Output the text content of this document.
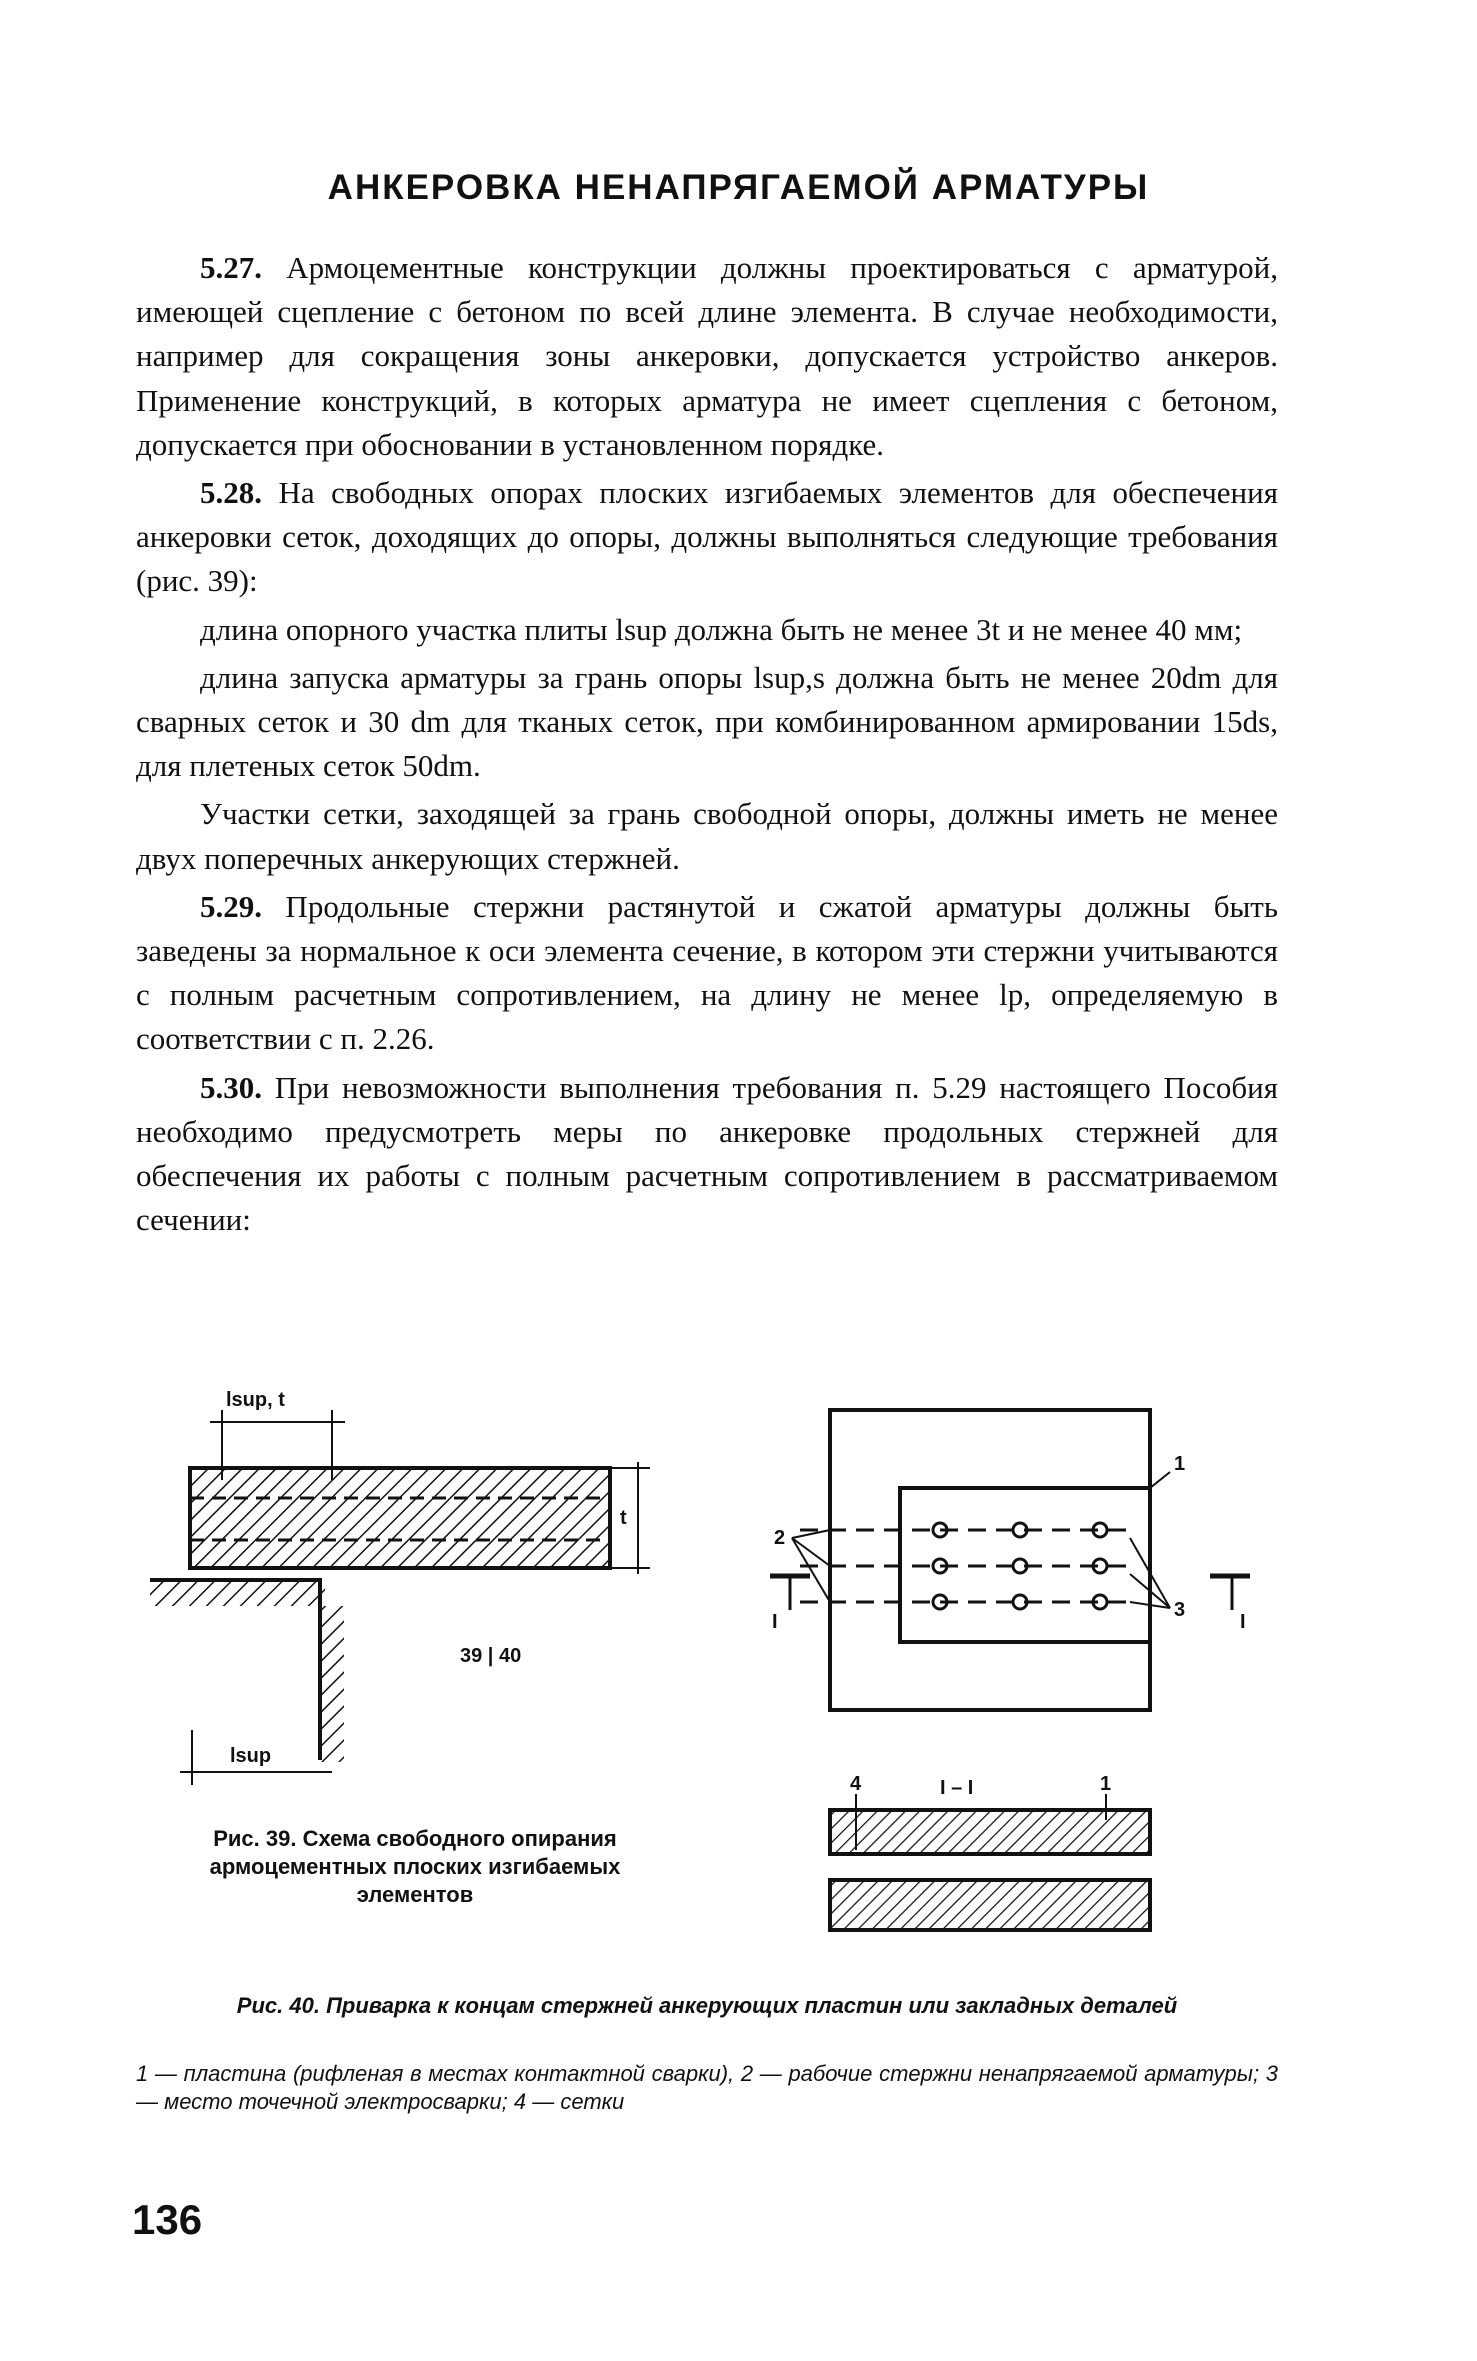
АНКЕРОВКА НЕНАПРЯГАЕМОЙ АРМАТУРЫ

5.27. Армоцементные конструкции должны проектироваться с арматурой, имеющей сцепление с бетоном по всей длине элемента. В случае необходимости, например для сокращения зоны анкеровки, допускается устройство анкеров. Применение конструкций, в которых арматура не имеет сцепления с бетоном, допускается при обосновании в установленном порядке.

5.28. На свободных опорах плоских изгибаемых элементов для обеспечения анкеровки сеток, доходящих до опоры, должны выполняться следующие требования (рис. 39):

длина опорного участка плиты lsup должна быть не менее 3t и не менее 40 мм;

длина запуска арматуры за грань опоры lsup,s должна быть не менее 20dm для сварных сеток и 30 dm для тканых сеток, при комбинированном армировании 15ds, для плетеных сеток 50dm.

Участки сетки, заходящей за грань свободной опоры, должны иметь не менее двух поперечных анкерующих стержней.

5.29. Продольные стержни растянутой и сжатой арматуры должны быть заведены за нормальное к оси элемента сечение, в котором эти стержни учитываются с полным расчетным сопротивлением, на длину не менее lp, определяемую в соответствии с п. 2.26.

5.30. При невозможности выполнения требования п. 5.29 настоящего Пособия необходимо предусмотреть меры по анкеровке продольных стержней для обеспечения их работы с полным расчетным сопротивлением в рассматриваемом сечении:

lsup, t
t
lsup
39 | 40
Рис. 39. Схема свободного опирания армоцементных плоских изгибаемых элементов
1
2
3
I	I
4	I – I	1
Рис. 40. Приварка к концам стержней анкерующих пластин или закладных деталей
1 — пластина (рифленая в местах контактной сварки), 2 — рабочие стержни ненапрягаемой арматуры; 3 — место точечной электросварки; 4 — сетки
136
